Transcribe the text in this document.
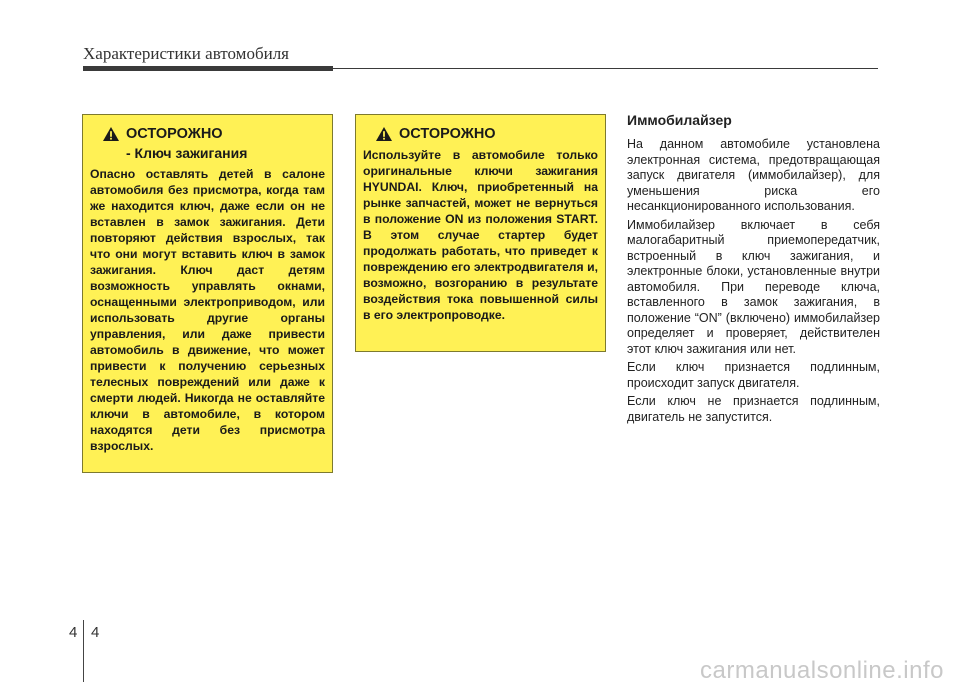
Характеристики автомобиля
ОСТОРОЖНО
- Ключ зажигания

Опасно оставлять детей в салоне автомобиля без присмотра, когда там же находится ключ, даже если он не вставлен в замок зажигания. Дети повторяют действия взрослых, так что они могут вставить ключ в замок зажигания. Ключ даст детям возможность управлять окнами, оснащенными электроприводом, или использовать другие органы управления, или даже привести автомобиль в движение, что может привести к получению серьезных телесных повреждений или даже к смерти людей. Никогда не оставляйте ключи в автомобиле, в котором находятся дети без присмотра взрослых.

ОСТОРОЖНО

Используйте в автомобиле только оригинальные ключи зажигания HYUNDAI. Ключ, приобретенный на рынке запчастей, может не вернуться в положение ON из положения START. В этом случае стартер будет продолжать работать, что приведет к повреждению его электродвигателя и, возможно, возгоранию в результате воздействия тока повышенной силы в его электропроводке.

Иммобилайзер

На данном автомобиле установлена электронная система, предотвращающая запуск двигателя (иммобилайзер), для уменьшения риска его несанкционированного использования.

Иммобилайзер включает в себя малогабаритный приемопередатчик, встроенный в ключ зажигания, и электронные блоки, установленные внутри автомобиля. При переводе ключа, вставленного в замок зажигания, в положение “ON” (включено) иммобилайзер определяет и проверяет, действителен этот ключ зажигания или нет.

Если ключ признается подлинным, происходит запуск двигателя.

Если ключ не признается подлинным, двигатель не запустится.

4 4
carmanualsonline.info
